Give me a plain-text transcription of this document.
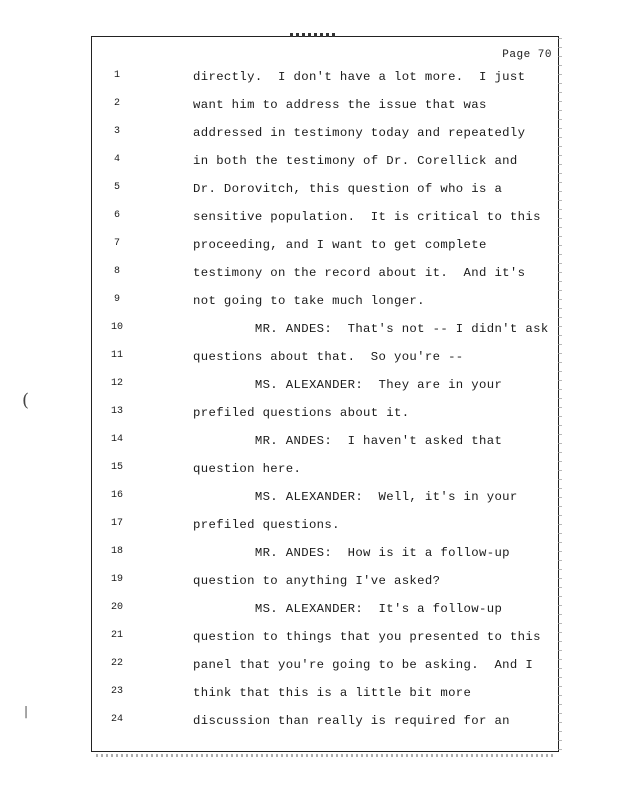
Page 70
(
|
1	directly.  I don't have a lot more.  I just
2	want him to address the issue that was
3	addressed in testimony today and repeatedly
4	in both the testimony of Dr. Corellick and
5	Dr. Dorovitch, this question of who is a
6	sensitive population.  It is critical to this
7	proceeding, and I want to get complete
8	testimony on the record about it.  And it's
9	not going to take much longer.
10	MR. ANDES:  That's not -- I didn't ask
11	questions about that.  So you're --
12	MS. ALEXANDER:  They are in your
13	prefiled questions about it.
14	MR. ANDES:  I haven't asked that
15	question here.
16	MS. ALEXANDER:  Well, it's in your
17	prefiled questions.
18	MR. ANDES:  How is it a follow-up
19	question to anything I've asked?
20	MS. ALEXANDER:  It's a follow-up
21	question to things that you presented to this
22	panel that you're going to be asking.  And I
23	think that this is a little bit more
24	discussion than really is required for an
